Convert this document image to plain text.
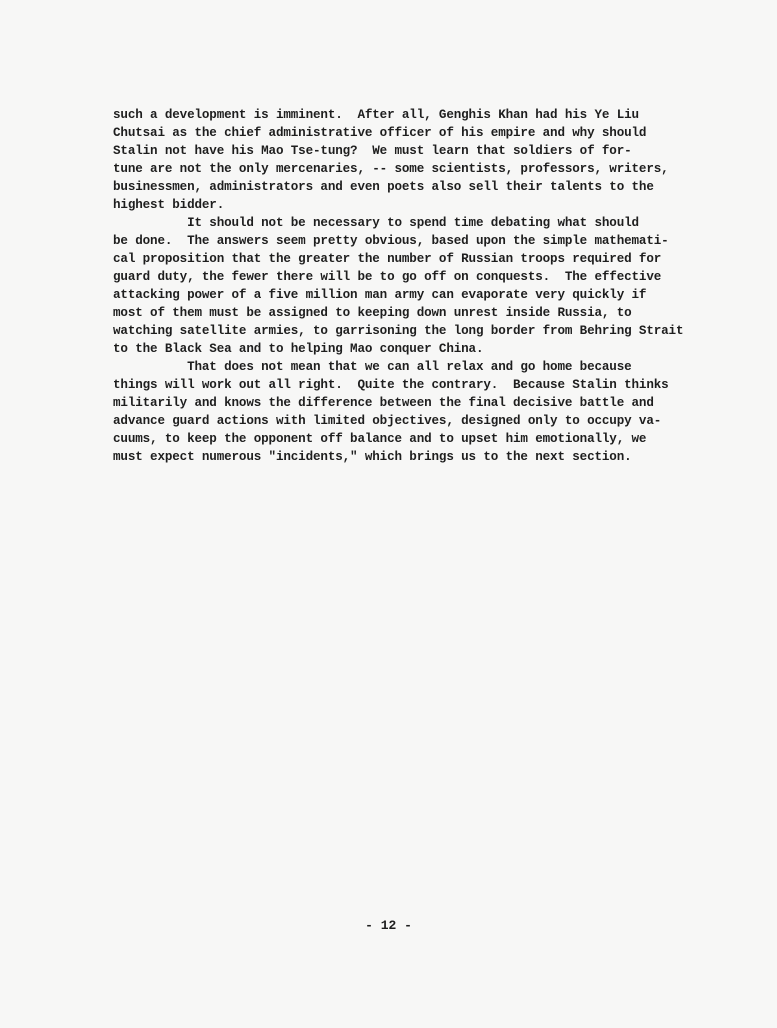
such a development is imminent.  After all, Genghis Khan had his Ye Liu
Chutsai as the chief administrative officer of his empire and why should
Stalin not have his Mao Tse-tung?  We must learn that soldiers of for-
tune are not the only mercenaries, -- some scientists, professors, writers,
businessmen, administrators and even poets also sell their talents to the
highest bidder.
It should not be necessary to spend time debating what should
be done.  The answers seem pretty obvious, based upon the simple mathemati-
cal proposition that the greater the number of Russian troops required for
guard duty, the fewer there will be to go off on conquests.  The effective
attacking power of a five million man army can evaporate very quickly if
most of them must be assigned to keeping down unrest inside Russia, to
watching satellite armies, to garrisoning the long border from Behring Strait
to the Black Sea and to helping Mao conquer China.
That does not mean that we can all relax and go home because
things will work out all right.  Quite the contrary.  Because Stalin thinks
militarily and knows the difference between the final decisive battle and
advance guard actions with limited objectives, designed only to occupy va-
cuums, to keep the opponent off balance and to upset him emotionally, we
must expect numerous "incidents," which brings us to the next section.
- 12 -
